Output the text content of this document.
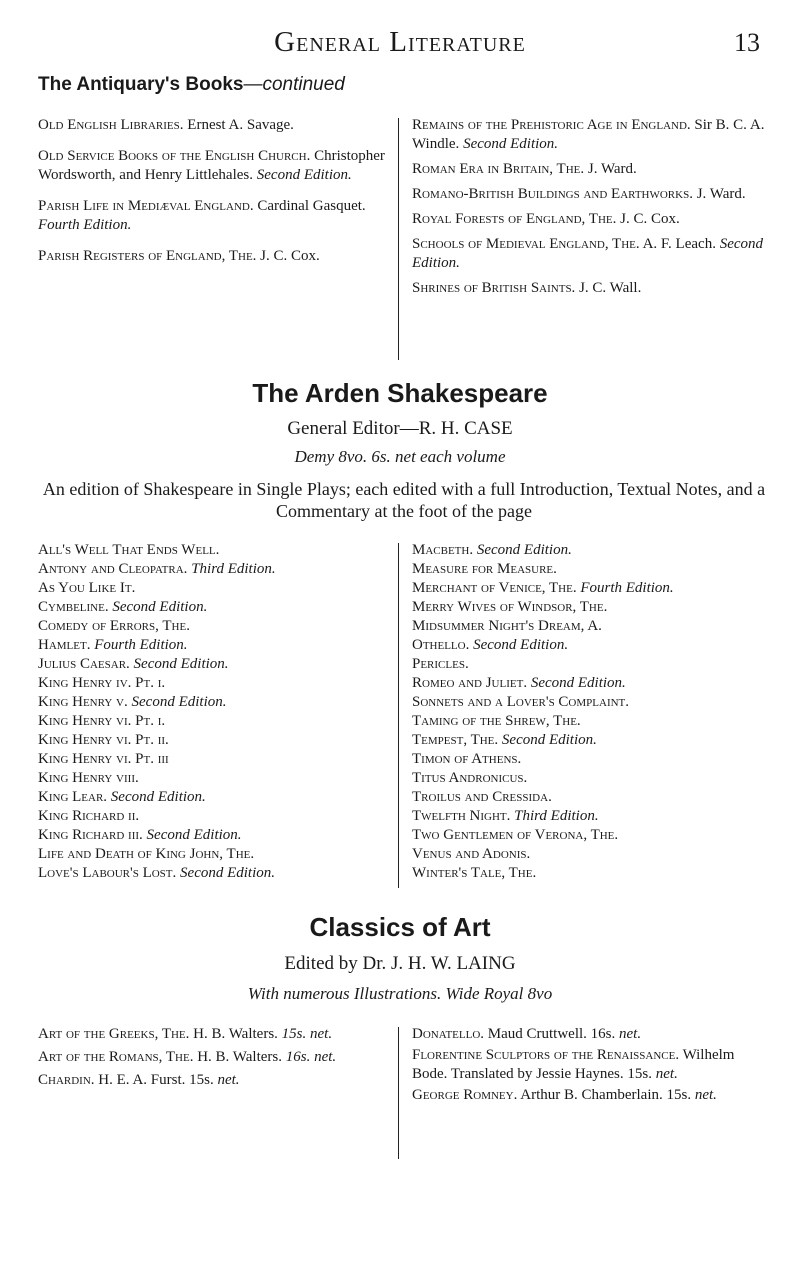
General Literature	13
The Antiquary's Books—continued

Old English Libraries. Ernest A. Savage.

Old Service Books of the English Church. Christopher Wordsworth, and Henry Littlehales. Second Edition.

Parish Life in Mediæval England. Cardinal Gasquet. Fourth Edition.

Parish Registers of England, The. J. C. Cox.

Remains of the Prehistoric Age in England. Sir B. C. A. Windle. Second Edition.

Roman Era in Britain, The. J. Ward.

Romano-British Buildings and Earthworks. J. Ward.

Royal Forests of England, The. J. C. Cox.

Schools of Medieval England, The. A. F. Leach. Second Edition.

Shrines of British Saints. J. C. Wall.

The Arden Shakespeare
General Editor—R. H. CASE
Demy 8vo. 6s. net each volume
An edition of Shakespeare in Single Plays; each edited with a full Introduction, Textual Notes, and a Commentary at the foot of the page

All's Well That Ends Well.

Antony and Cleopatra. Third Edition.

As You Like It.

Cymbeline. Second Edition.

Comedy of Errors, The.

Hamlet. Fourth Edition.

Julius Caesar. Second Edition.

King Henry iv. Pt. i.

King Henry v. Second Edition.

King Henry vi. Pt. i.

King Henry vi. Pt. ii.

King Henry vi. Pt. iii

King Henry viii.

King Lear. Second Edition.

King Richard ii.

King Richard iii. Second Edition.

Life and Death of King John, The.

Love's Labour's Lost. Second Edition.

Macbeth. Second Edition.

Measure for Measure.

Merchant of Venice, The. Fourth Edition.

Merry Wives of Windsor, The.

Midsummer Night's Dream, A.

Othello. Second Edition.

Pericles.

Romeo and Juliet. Second Edition.

Sonnets and a Lover's Complaint.

Taming of the Shrew, The.

Tempest, The. Second Edition.

Timon of Athens.

Titus Andronicus.

Troilus and Cressida.

Twelfth Night. Third Edition.

Two Gentlemen of Verona, The.

Venus and Adonis.

Winter's Tale, The.

Classics of Art
Edited by Dr. J. H. W. LAING
With numerous Illustrations. Wide Royal 8vo

Art of the Greeks, The. H. B. Walters. 15s. net.

Art of the Romans, The. H. B. Walters. 16s. net.

Chardin. H. E. A. Furst. 15s. net.

Donatello. Maud Cruttwell. 16s. net.

Florentine Sculptors of the Renaissance. Wilhelm Bode. Translated by Jessie Haynes. 15s. net.

George Romney. Arthur B. Chamberlain. 15s. net.
